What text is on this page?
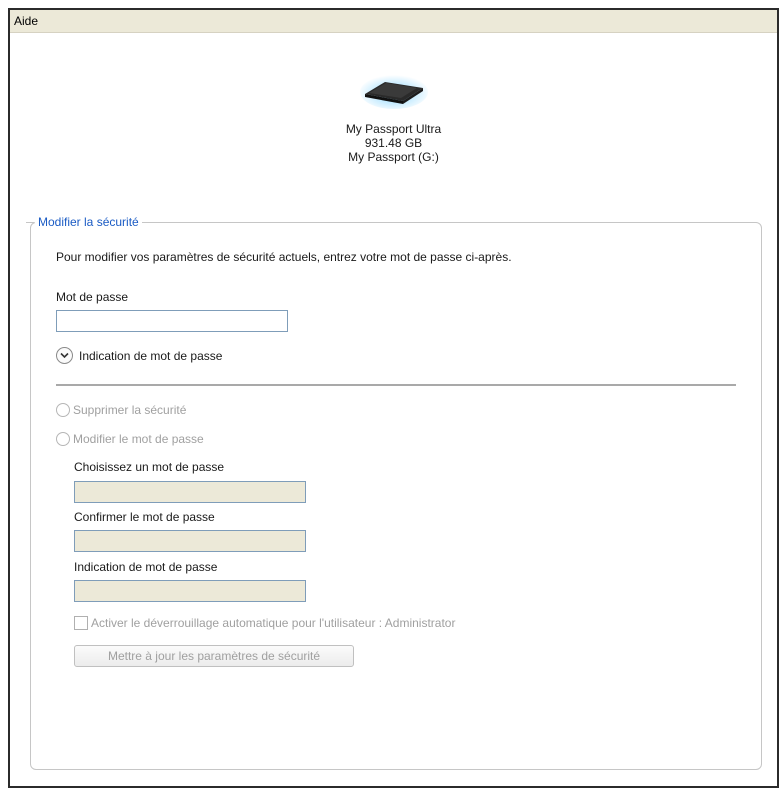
Aide
My Passport Ultra
931.48 GB
My Passport (G:)
Modifier la sécurité
Pour modifier vos paramètres de sécurité actuels, entrez votre mot de passe ci-après.
Mot de passe
Indication de mot de passe
Supprimer la sécurité
Modifier le mot de passe
Choisissez un mot de passe
Confirmer le mot de passe
Indication de mot de passe
Activer le déverrouillage automatique pour l'utilisateur : Administrator
Mettre à jour les paramètres de sécurité
